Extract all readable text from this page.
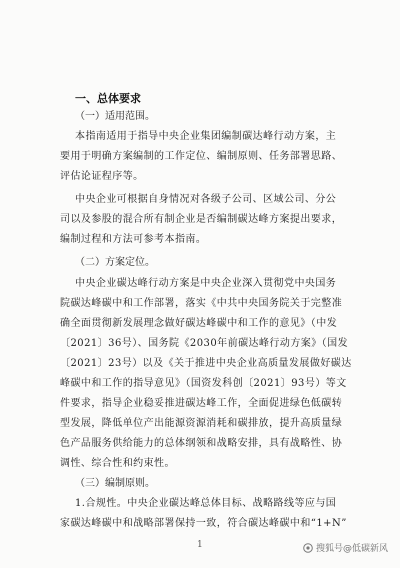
一、总体要求
（一）适用范围。
本指南适用于指导中央企业集团编制碳达峰行动方案，主
要用于明确方案编制的工作定位、编制原则、任务部署思路、
评估论证程序等。
中央企业可根据自身情况对各级子公司、区域公司、分公
司以及参股的混合所有制企业是否编制碳达峰方案提出要求，
编制过程和方法可参考本指南。
（二）方案定位。
中央企业碳达峰行动方案是中央企业深入贯彻党中央国务
院碳达峰碳中和工作部署，落实《中共中央国务院关于完整准
确全面贯彻新发展理念做好碳达峰碳中和工作的意见》（中发
〔2021〕36号）、国务院《2030年前碳达峰行动方案》（国发
〔2021〕23号）以及《关于推进中央企业高质量发展做好碳达
峰碳中和工作的指导意见》（国资发科创〔2021〕93号）等文
件要求，指导企业稳妥推进碳达峰工作，全面促进绿色低碳转
型发展，降低单位产出能源资源消耗和碳排放，提升高质量绿
色产品服务供给能力的总体纲领和战略安排，具有战略性、协
调性、综合性和约束性。
（三）编制原则。
1.合规性。中央企业碳达峰总体目标、战略路线等应与国
家碳达峰碳中和战略部署保持一致，符合碳达峰碳中和“1+N”
1	搜狐号@低碳新风
